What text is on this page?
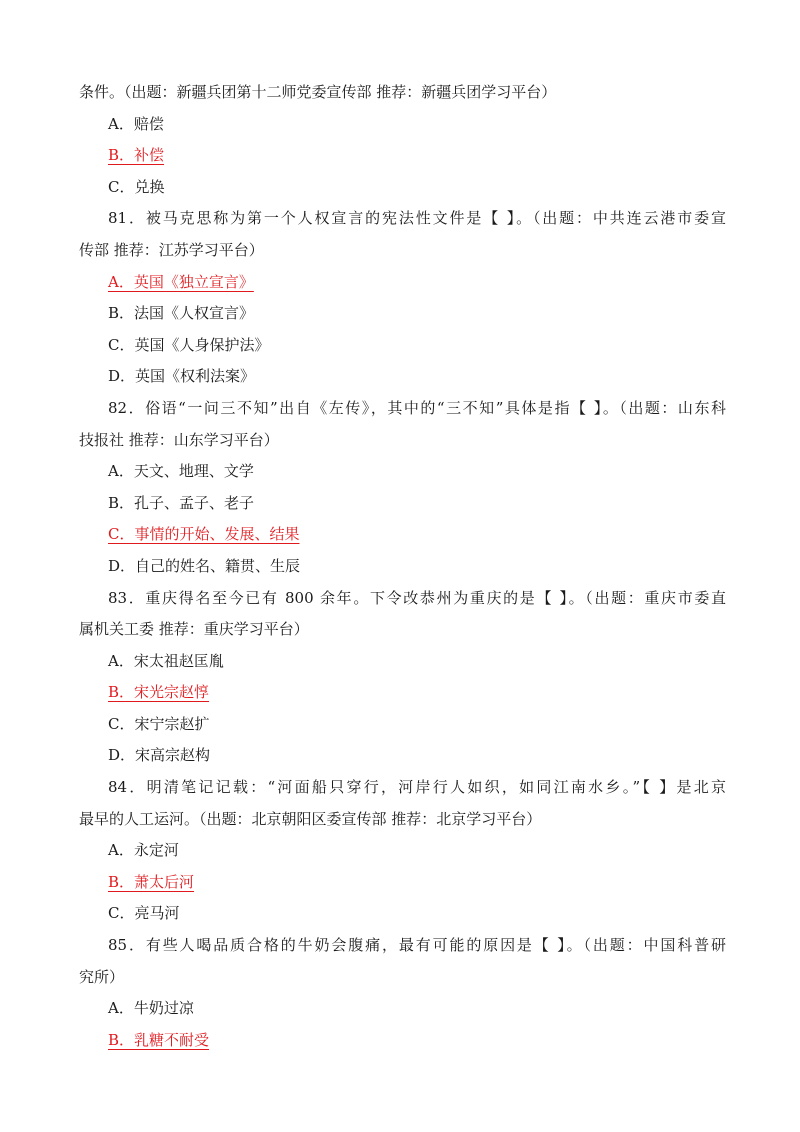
条件。（出题：新疆兵团第十二师党委宣传部 推荐：新疆兵团学习平台）
A．赔偿
B．补偿
C．兑换
81．被马克思称为第一个人权宣言的宪法性文件是【 】。（出题：中共连云港市委宣
传部 推荐：江苏学习平台）
A．英国《独立宣言》
B．法国《人权宣言》
C．英国《人身保护法》
D．英国《权利法案》
82．俗语“一问三不知”出自《左传》，其中的“三不知”具体是指【 】。（出题：山东科
技报社 推荐：山东学习平台）
A．天文、地理、文学
B．孔子、孟子、老子
C．事情的开始、发展、结果
D．自己的姓名、籍贯、生辰
83．重庆得名至今已有 800 余年。下令改恭州为重庆的是【 】。（出题：重庆市委直
属机关工委 推荐：重庆学习平台）
A．宋太祖赵匡胤
B．宋光宗赵惇
C．宋宁宗赵扩
D．宋高宗赵构
84．明清笔记记载：“河面船只穿行，河岸行人如织，如同江南水乡。”【 】是北京
最早的人工运河。（出题：北京朝阳区委宣传部 推荐：北京学习平台）
A．永定河
B．萧太后河
C．亮马河
85．有些人喝品质合格的牛奶会腹痛，最有可能的原因是【 】。（出题：中国科普研
究所）
A．牛奶过凉
B．乳糖不耐受
